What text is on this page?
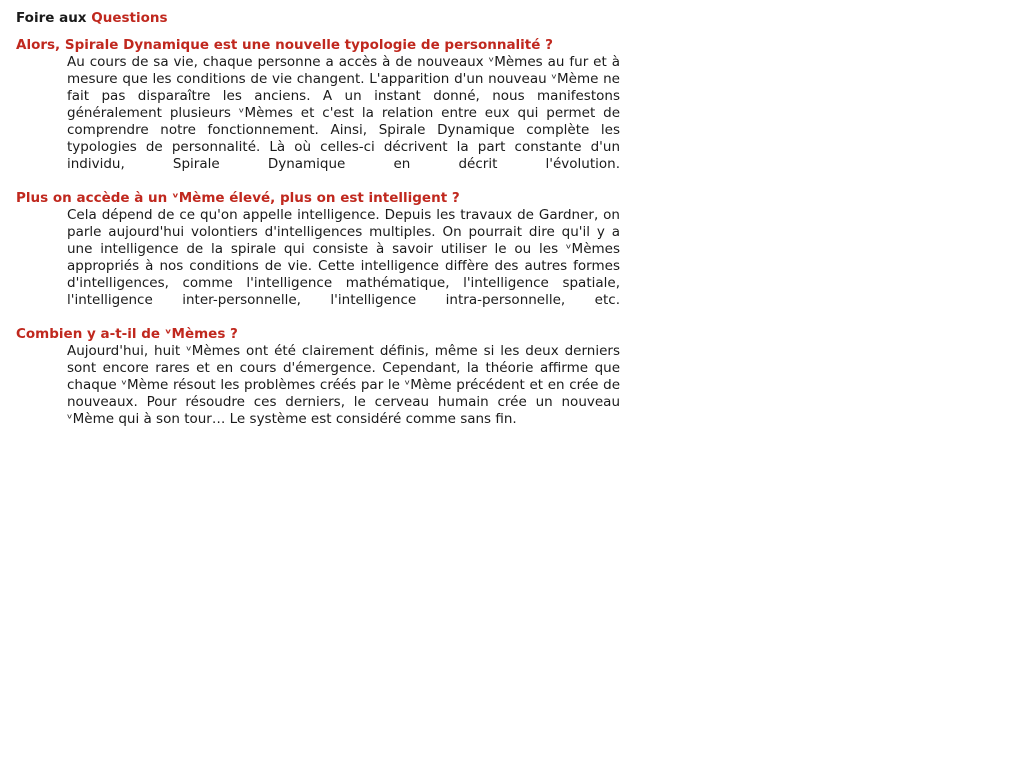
Foire aux Questions

Alors, Spirale Dynamique est une nouvelle typologie de personnalité ?

Au cours de sa vie, chaque personne a accès à de nouveaux ᵛMèmes au fur et à mesure que les conditions de vie changent. L'apparition d'un nouveau ᵛMème ne fait pas disparaître les anciens. A un instant donné, nous manifestons généralement plusieurs ᵛMèmes et c'est la relation entre eux qui permet de comprendre notre fonctionnement. Ainsi, Spirale Dynamique complète les typologies de personnalité. Là où celles-ci décrivent la part constante d'un individu, Spirale Dynamique en décrit l'évolution.

Plus on accède à un ᵛMème élevé, plus on est intelligent ?

Cela dépend de ce qu'on appelle intelligence. Depuis les travaux de Gardner, on parle aujourd'hui volontiers d'intelligences multiples. On pourrait dire qu'il y a une intelligence de la spirale qui consiste à savoir utiliser le ou les ᵛMèmes appropriés à nos conditions de vie. Cette intelligence diffère des autres formes d'intelligences, comme l'intelligence mathématique, l'intelligence spatiale, l'intelligence inter-personnelle, l'intelligence intra-personnelle, etc.

Combien y a-t-il de ᵛMèmes ?

Aujourd'hui, huit ᵛMèmes ont été clairement définis, même si les deux derniers sont encore rares et en cours d'émergence. Cependant, la théorie affirme que chaque ᵛMème résout les problèmes créés par le ᵛMème précédent et en crée de nouveaux. Pour résoudre ces derniers, le cerveau humain crée un nouveau ᵛMème qui à son tour… Le système est considéré comme sans fin.
